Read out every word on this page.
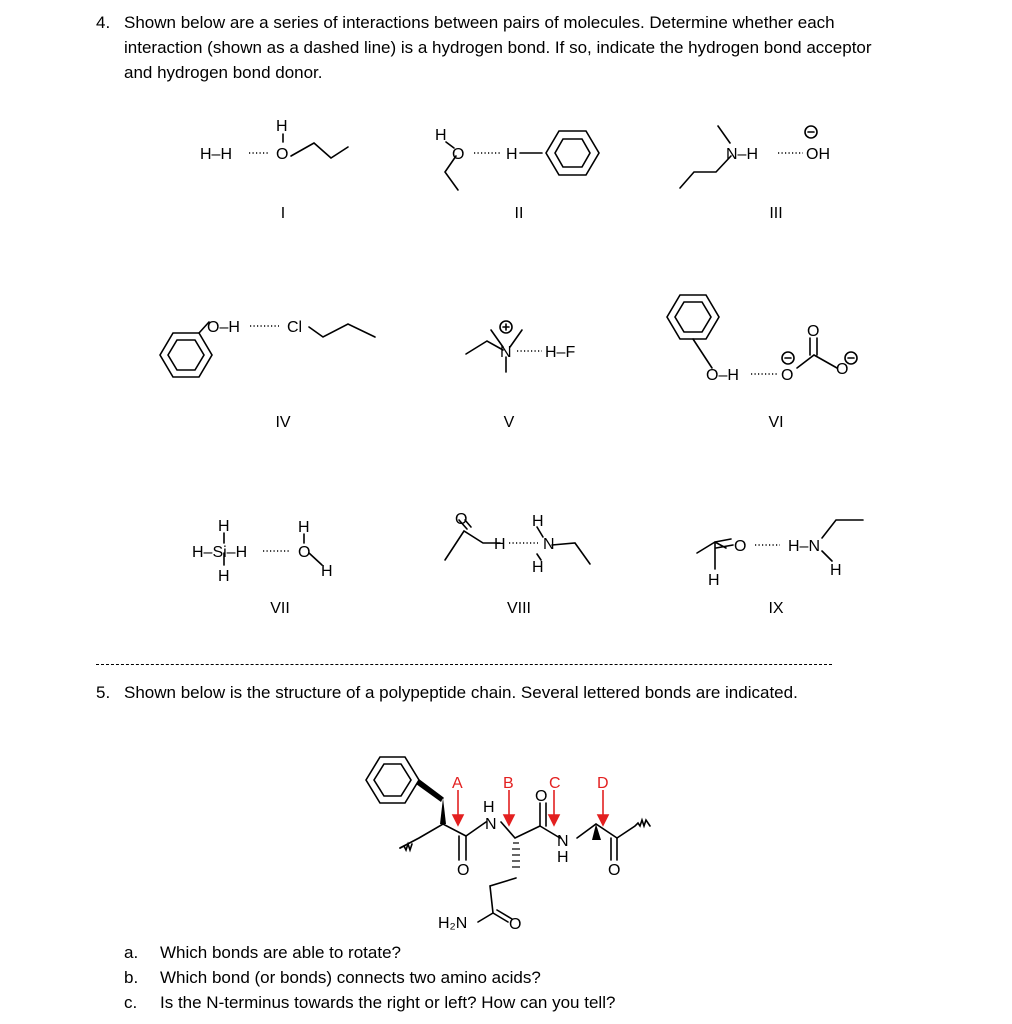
4. Shown below are a series of interactions between pairs of molecules. Determine whether each
interaction (shown as a dashed line) is a hydrogen bond. If so, indicate the hydrogen bond acceptor
and hydrogen bond donor.
H
H–H	O
H
O	H	N–H	OH
O–H	Cl
N H–F
O–H	O
O
O
H
H–Si–H
H
H
O
H
O
H
H
N
H
O
H
H–N
H
I	II	III
IV	V	VI
VII	VIII	IX
H
N
O
N
H
O	O
H₂N	O
A	B C D
5. Shown below is the structure of a polypeptide chain. Several lettered bonds are indicated.
a. Which bonds are able to rotate?
b. Which bond (or bonds) connects two amino acids?
c. Is the N-terminus towards the right or left? How can you tell?
